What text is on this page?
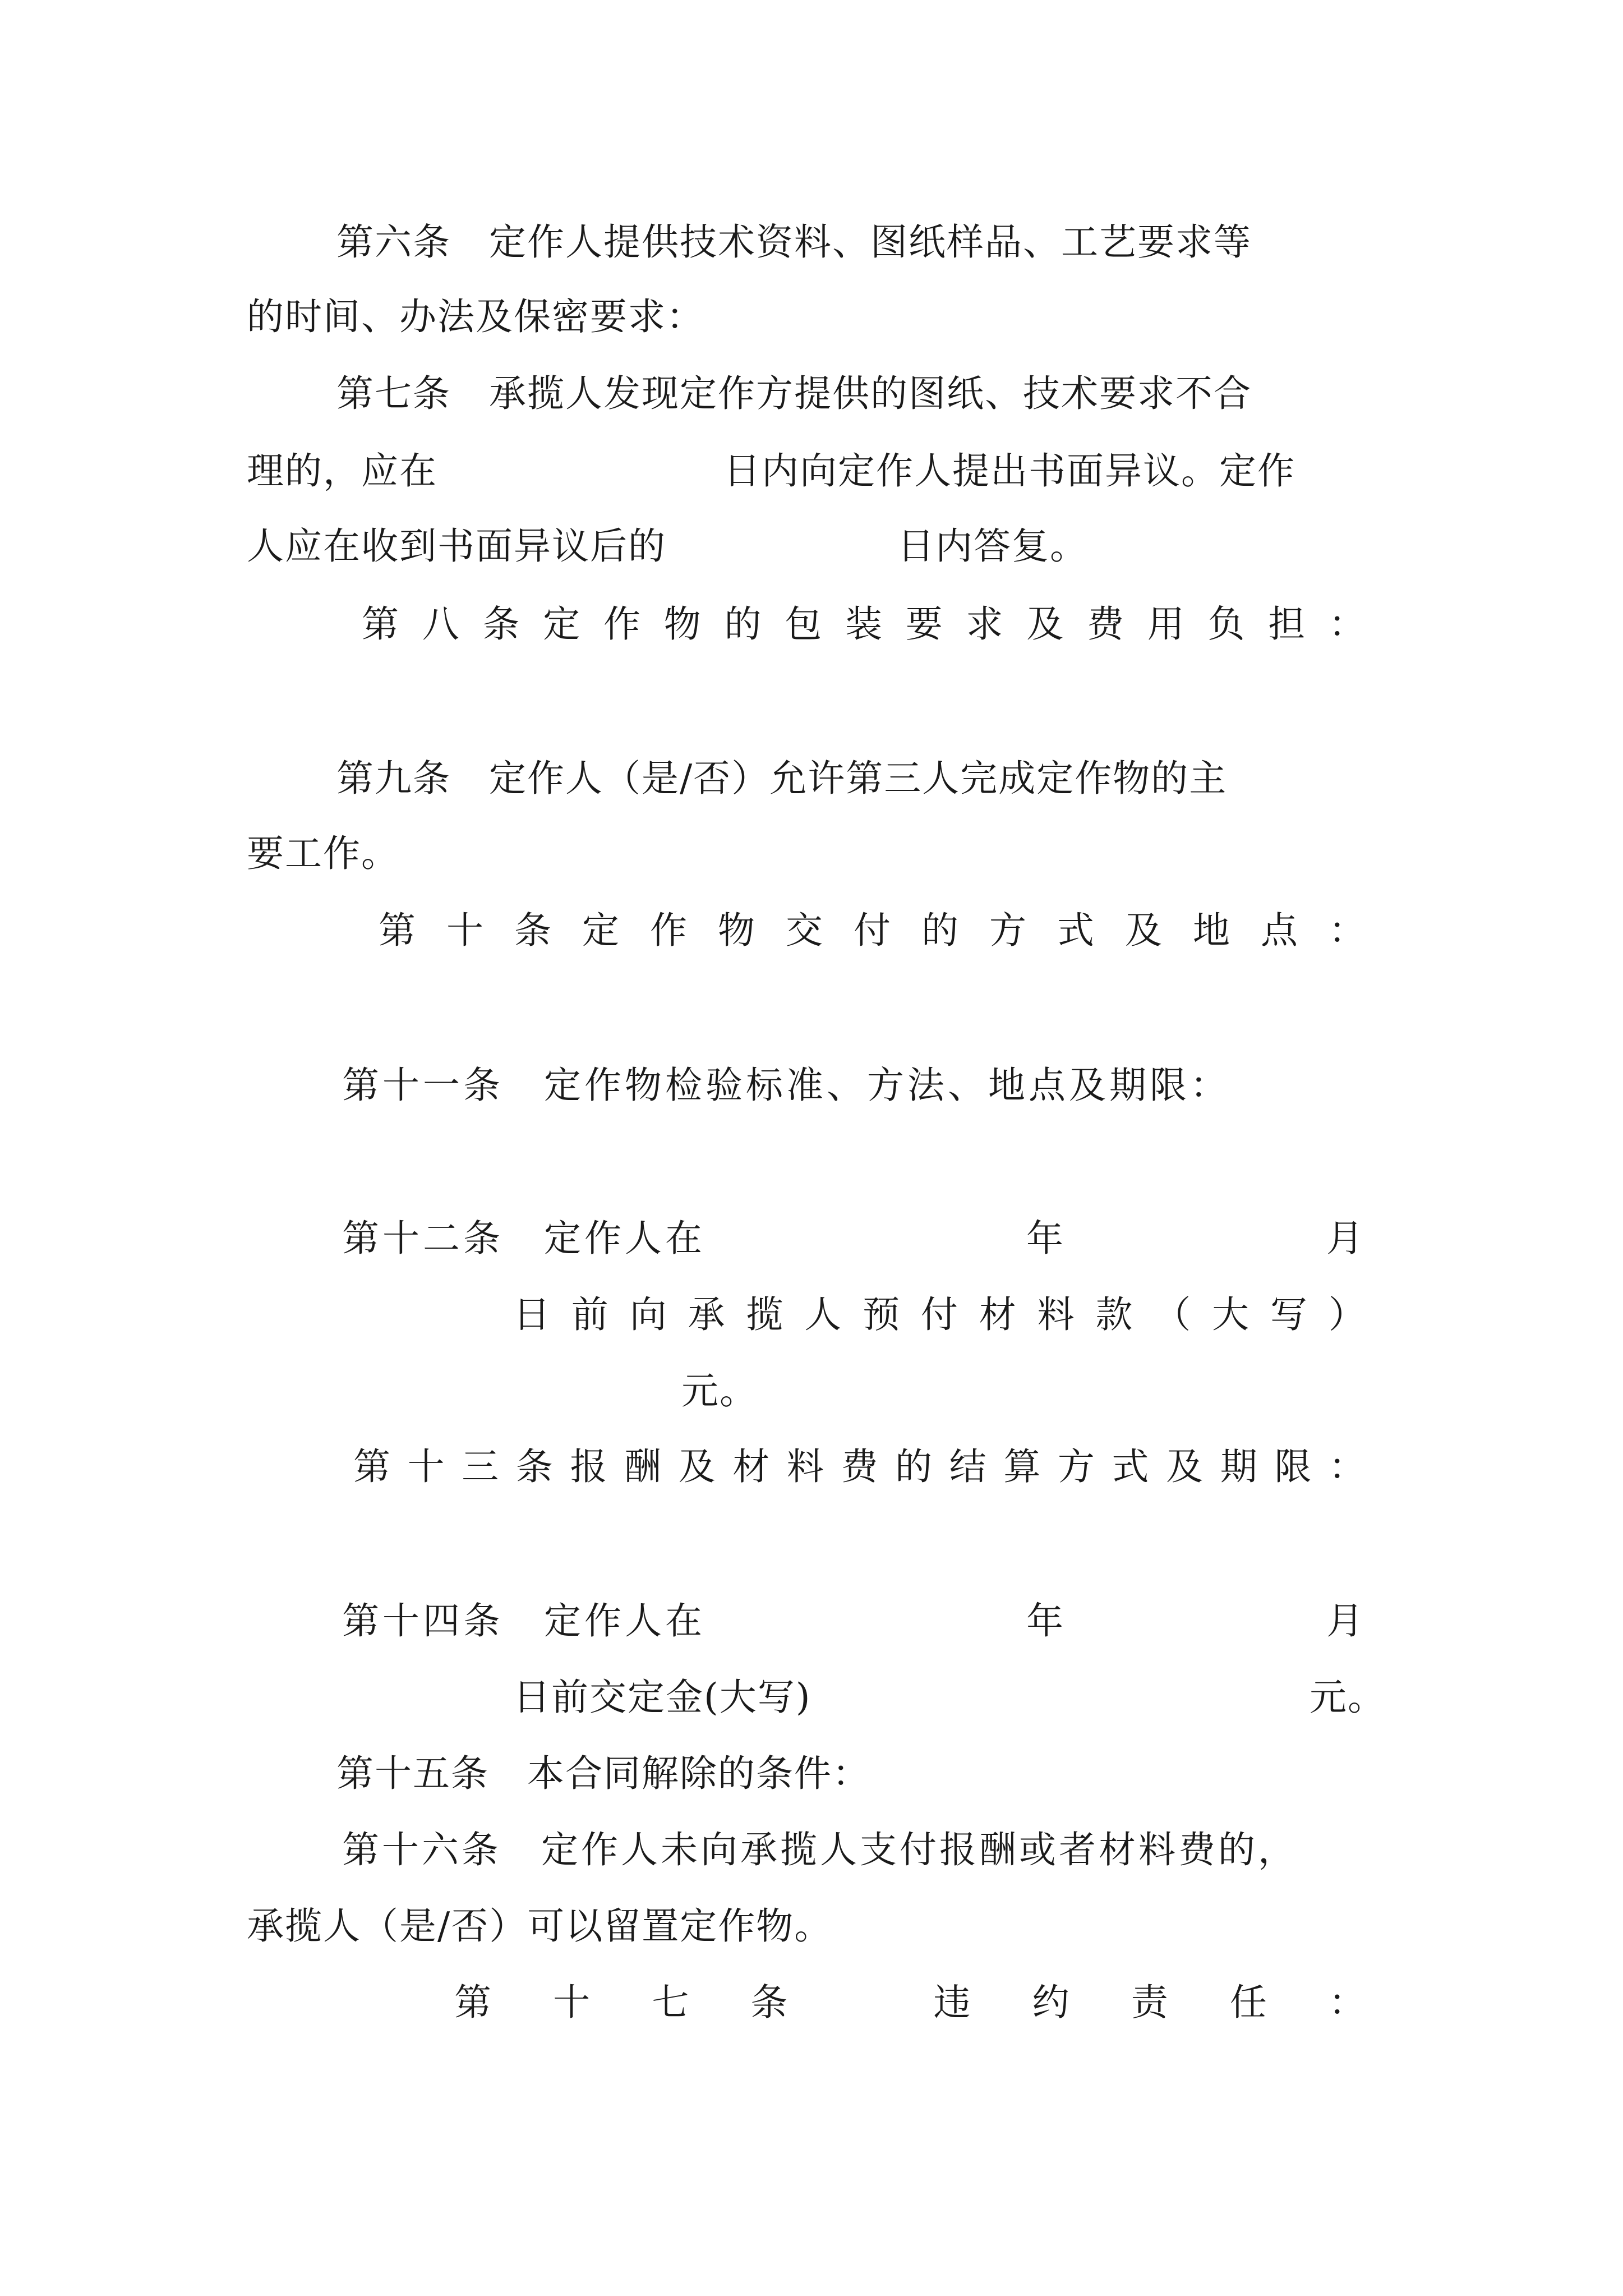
第六条　定作人提供技术资料、图纸样品、工艺要求等
的时间、办法及保密要求：
第七条　承揽人发现定作方提供的图纸、技术要求不合
理的，应在	日内向定作人提出书面异议。定作
人应在收到书面异议后的	日内答复。
第 八 条 定 作 物 的 包 装 要 求 及 费 用 负 担 ：
第九条　定作人（是/否）允许第三人完成定作物的主
要工作。
第 十 条 定 作 物 交 付 的 方 式 及 地 点 ：
第十一条　定作物检验标准、方法、地点及期限：
第十二条　定作人在	年	月
日 前 向 承 揽 人 预 付 材 料 款 （ 大 写 ）
元。
第 十 三 条 报 酬 及 材 料 费 的 结 算 方 式 及 期 限 ：
第十四条　定作人在	年	月
日前交定金(大写)	元。
第十五条　本合同解除的条件：
第十六条　定作人未向承揽人支付报酬或者材料费的，
承揽人（是/否）可以留置定作物。
第 十 七 条	违 约 责 任 ：
